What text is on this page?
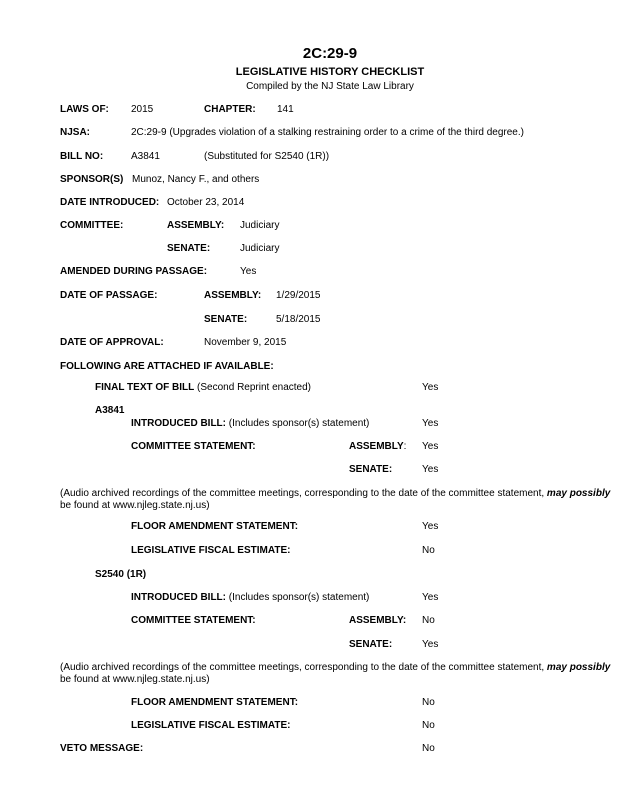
2C:29-9
LEGISLATIVE HISTORY CHECKLIST
Compiled by the NJ State Law Library
LAWS OF: 2015	CHAPTER: 141
NJSA:	2C:29-9 (Upgrades violation of a stalking restraining order to a crime of the third degree.)
BILL NO:	A3841	(Substituted for S2540 (1R))
SPONSOR(S) Munoz, Nancy F., and others
DATE INTRODUCED: October 23, 2014
COMMITTEE:	ASSEMBLY: Judiciary
SENATE:	Judiciary
AMENDED DURING PASSAGE:	Yes
DATE OF PASSAGE:	ASSEMBLY: 1/29/2015
SENATE:	5/18/2015
DATE OF APPROVAL:	November 9, 2015
FOLLOWING ARE ATTACHED IF AVAILABLE:
FINAL TEXT OF BILL (Second Reprint enacted)	Yes
A3841
INTRODUCED BILL: (Includes sponsor(s) statement)	Yes
COMMITTEE STATEMENT:	ASSEMBLY: Yes
SENATE:	Yes
(Audio archived recordings of the committee meetings, corresponding to the date of the committee statement, may possibly
be found at www.njleg.state.nj.us)
FLOOR AMENDMENT STATEMENT:	Yes
LEGISLATIVE FISCAL ESTIMATE:	No
S2540 (1R)
INTRODUCED BILL: (Includes sponsor(s) statement)	Yes
COMMITTEE STATEMENT:	ASSEMBLY: No
SENATE:	Yes
(Audio archived recordings of the committee meetings, corresponding to the date of the committee statement, may possibly
be found at www.njleg.state.nj.us)
FLOOR AMENDMENT STATEMENT:	No
LEGISLATIVE FISCAL ESTIMATE:	No
VETO MESSAGE:	No
